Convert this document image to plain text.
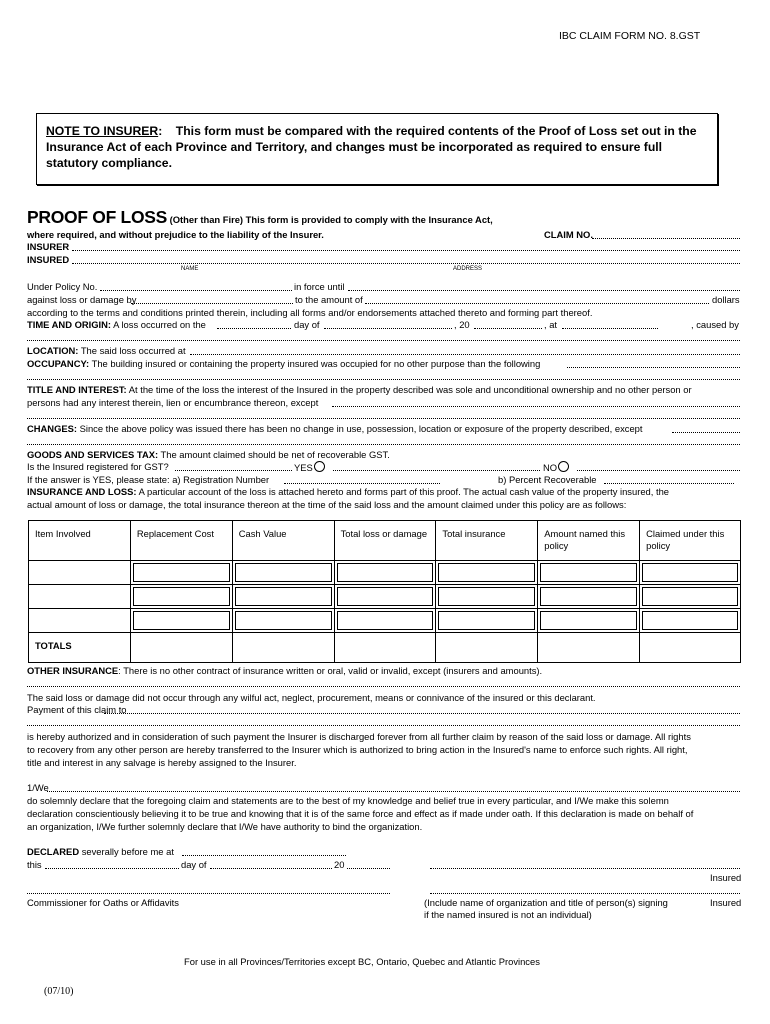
IBC CLAIM FORM NO. 8.GST
NOTE TO INSURER: This form must be compared with the required contents of the Proof of Loss set out in the Insurance Act of each Province and Territory, and changes must be incorporated as required to ensure full statutory compliance.
PROOF OF LOSS (Other than Fire) This form is provided to comply with the Insurance Act,
where required, and without prejudice to the liability of the Insurer.	CLAIM NO.
INSURER
INSURED
NAME	ADDRESS
Under Policy No.	in force until
against loss or damage by	to the amount of	dollars
according to the terms and conditions printed therein, including all forms and/or endorsements attached thereto and forming part thereof.
TIME AND ORIGIN: A loss occurred on the	day of	, 20	, at	, caused by
LOCATION: The said loss occurred at
OCCUPANCY: The building insured or containing the property insured was occupied for no other purpose than the following
TITLE AND INTEREST: At the time of the loss the interest of the Insured in the property described was sole and unconditional ownership and no other person or
persons had any interest therein, lien or encumbrance thereon, except
CHANGES: Since the above policy was issued there has been no change in use, possession, location or exposure of the property described, except
GOODS AND SERVICES TAX: The amount claimed should be net of recoverable GST.
Is the Insured registered for GST?	YES	NO
If the answer is YES, please state: a) Registration Number	b) Percent Recoverable
INSURANCE AND LOSS: A particular account of the loss is attached hereto and forms part of this proof. The actual cash value of the property insured, the
actual amount of loss or damage, the total insurance thereon at the time of the said loss and the amount claimed under this policy are as follows:
Item Involved	Replacement Cost	Cash Value	Total loss or damage	Total insurance	Amount named this policy	Claimed under this policy

TOTALS						
OTHER INSURANCE: There is no other contract of insurance written or oral, valid or invalid, except (insurers and amounts).
The said loss or damage did not occur through any wilful act, neglect, procurement, means or connivance of the insured or this declarant.
Payment of this claim to
is hereby authorized and in consideration of such payment the Insurer is discharged forever from all further claim by reason of the said loss or damage. All rights
to recovery from any other person are hereby transferred to the Insurer which is authorized to bring action in the Insured's name to enforce such rights. All right,
title and interest in any salvage is hereby assigned to the Insurer.
1/We
do solemnly declare that the foregoing claim and statements are to the best of my knowledge and belief true in every particular, and I/We make this solemn
declaration conscientiously believing it to be true and knowing that it is of the same force and effect as if made under oath. If this declaration is made on behalf of
an organization, I/We further solemnly declare that I/We have authority to bind the organization.
DECLARED severally before me at
this	day of	20
Insured
Commissioner for Oaths or Affidavits	(Include name of organization and title of person(s) signing
if the named insured is not an individual)
Insured
For use in all Provinces/Territories except BC, Ontario, Quebec and Atlantic Provinces
(07/10)
